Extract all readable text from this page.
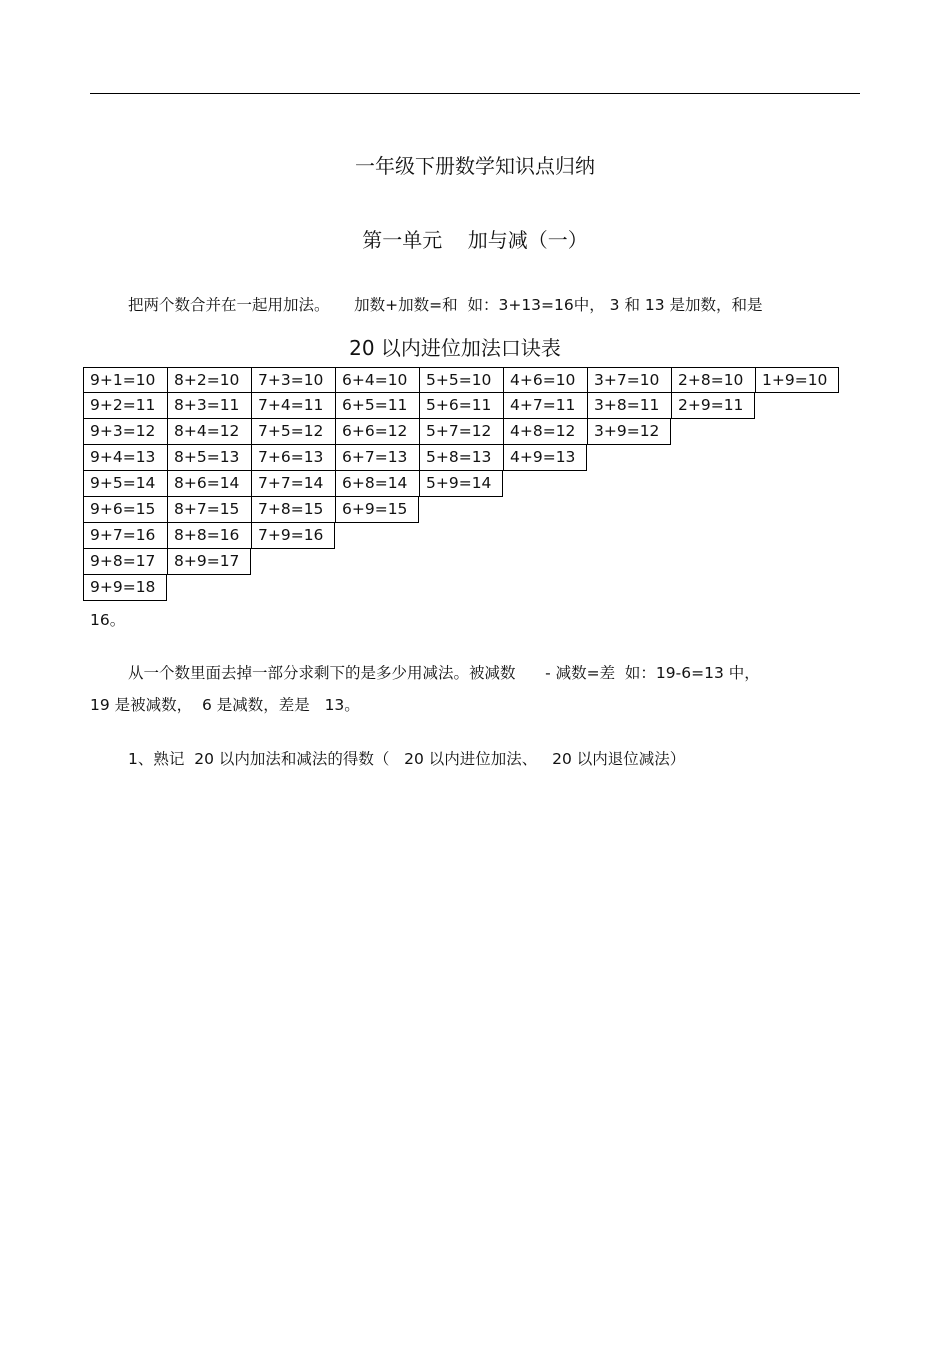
一年级下册数学知识点归纳
第一单元    加与减（一）
把两个数合并在一起用加法。     加数+加数=和  如：3+13=16中， 3 和 13 是加数，和是
20 以内进位加法口诀表
9+1=10
9+2=11
9+3=12
9+4=13
9+5=14
9+6=15
9+7=16
9+8=17
9+9=18
8+2=10
8+3=11
8+4=12
8+5=13
8+6=14
8+7=15
8+8=16
8+9=17
7+3=10
7+4=11
7+5=12
7+6=13
7+7=14
7+8=15
7+9=16
6+4=10
6+5=11
6+6=12
6+7=13
6+8=14
6+9=15
5+5=10
5+6=11
5+7=12
5+8=13
5+9=14
4+6=10
4+7=11
4+8=12
4+9=13
3+7=10
3+8=11
3+9=12
2+8=10
2+9=11
1+9=10
16。
从一个数里面去掉一部分求剩下的是多少用减法。被减数      - 减数=差  如：19-6=13 中，
19 是被减数，  6 是减数，差是   13。
1、熟记  20 以内加法和减法的得数（   20 以内进位加法、   20 以内退位减法）
